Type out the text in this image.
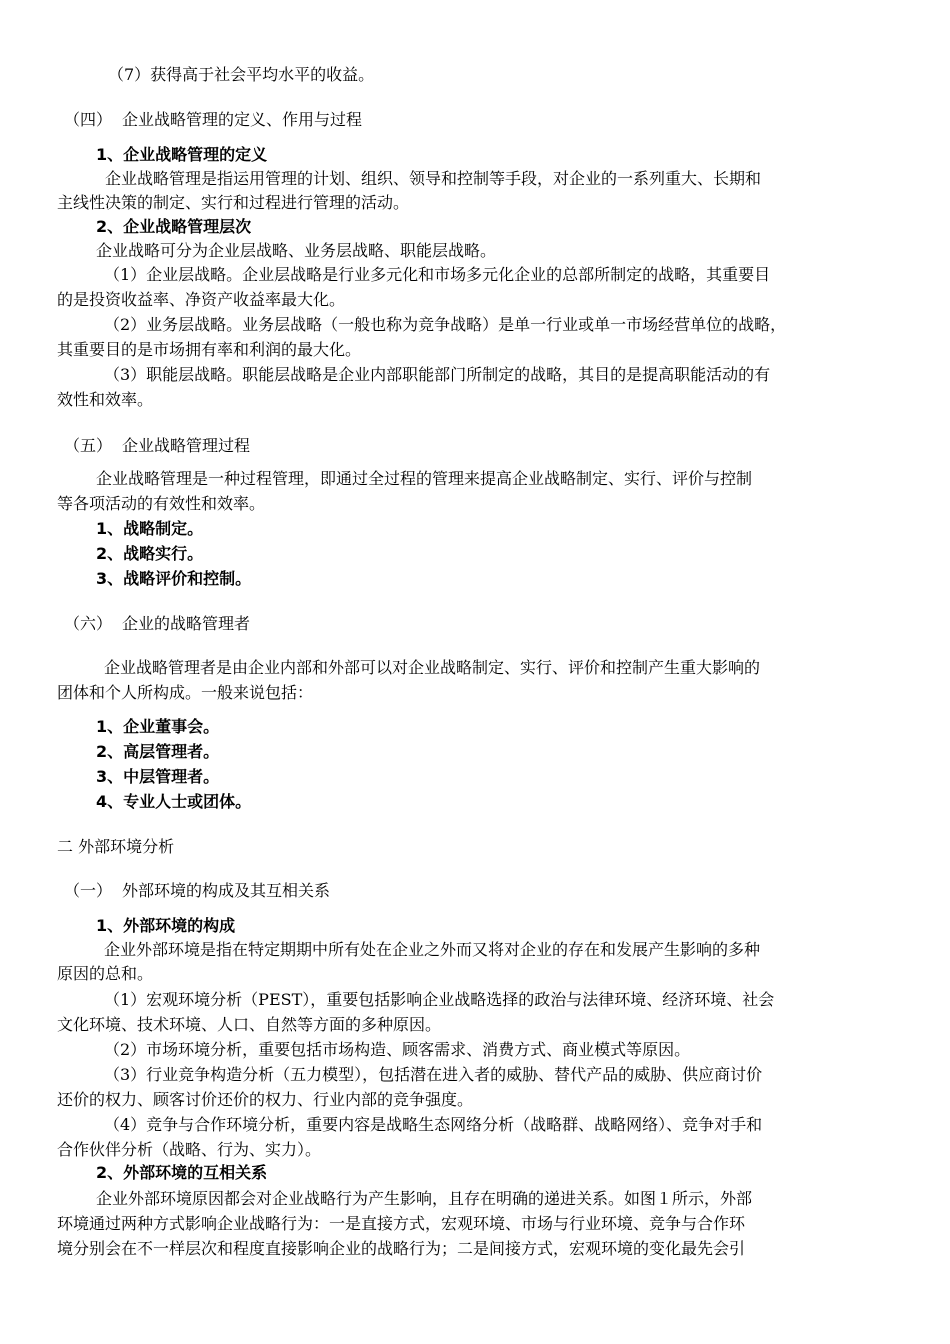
（7）获得高于社会平均水平的收益。
（四） 企业战略管理的定义、作用与过程
1、企业战略管理的定义
企业战略管理是指运用管理的计划、组织、领导和控制等手段，对企业的一系列重大、长期和
主线性决策的制定、实行和过程进行管理的活动。
2、企业战略管理层次
企业战略可分为企业层战略、业务层战略、职能层战略。
（1）企业层战略。企业层战略是行业多元化和市场多元化企业的总部所制定的战略，其重要目
的是投资收益率、净资产收益率最大化。
（2）业务层战略。业务层战略（一般也称为竞争战略）是单一行业或单一市场经营单位的战略，
其重要目的是市场拥有率和利润的最大化。
（3）职能层战略。职能层战略是企业内部职能部门所制定的战略，其目的是提高职能活动的有
效性和效率。
（五） 企业战略管理过程
企业战略管理是一种过程管理，即通过全过程的管理来提高企业战略制定、实行、评价与控制
等各项活动的有效性和效率。
1、战略制定。
2、战略实行。
3、战略评价和控制。
（六） 企业的战略管理者
企业战略管理者是由企业内部和外部可以对企业战略制定、实行、评价和控制产生重大影响的
团体和个人所构成。一般来说包括：
1、企业董事会。
2、高层管理者。
3、中层管理者。
4、专业人士或团体。
二 外部环境分析
（一） 外部环境的构成及其互相关系
1、外部环境的构成
企业外部环境是指在特定期期中所有处在企业之外而又将对企业的存在和发展产生影响的多种
原因的总和。
（1）宏观环境分析（PEST），重要包括影响企业战略选择的政治与法律环境、经济环境、社会
文化环境、技术环境、人口、自然等方面的多种原因。
（2）市场环境分析，重要包括市场构造、顾客需求、消费方式、商业模式等原因。
（3）行业竞争构造分析（五力模型），包括潜在进入者的威胁、替代产品的威胁、供应商讨价
还价的权力、顾客讨价还价的权力、行业内部的竞争强度。
（4）竞争与合作环境分析，重要内容是战略生态网络分析（战略群、战略网络）、竞争对手和
合作伙伴分析（战略、行为、实力）。
2、外部环境的互相关系
企业外部环境原因都会对企业战略行为产生影响，且存在明确的递进关系。如图１所示，外部
环境通过两种方式影响企业战略行为：一是直接方式，宏观环境、市场与行业环境、竞争与合作环
境分别会在不一样层次和程度直接影响企业的战略行为；二是间接方式，宏观环境的变化最先会引
